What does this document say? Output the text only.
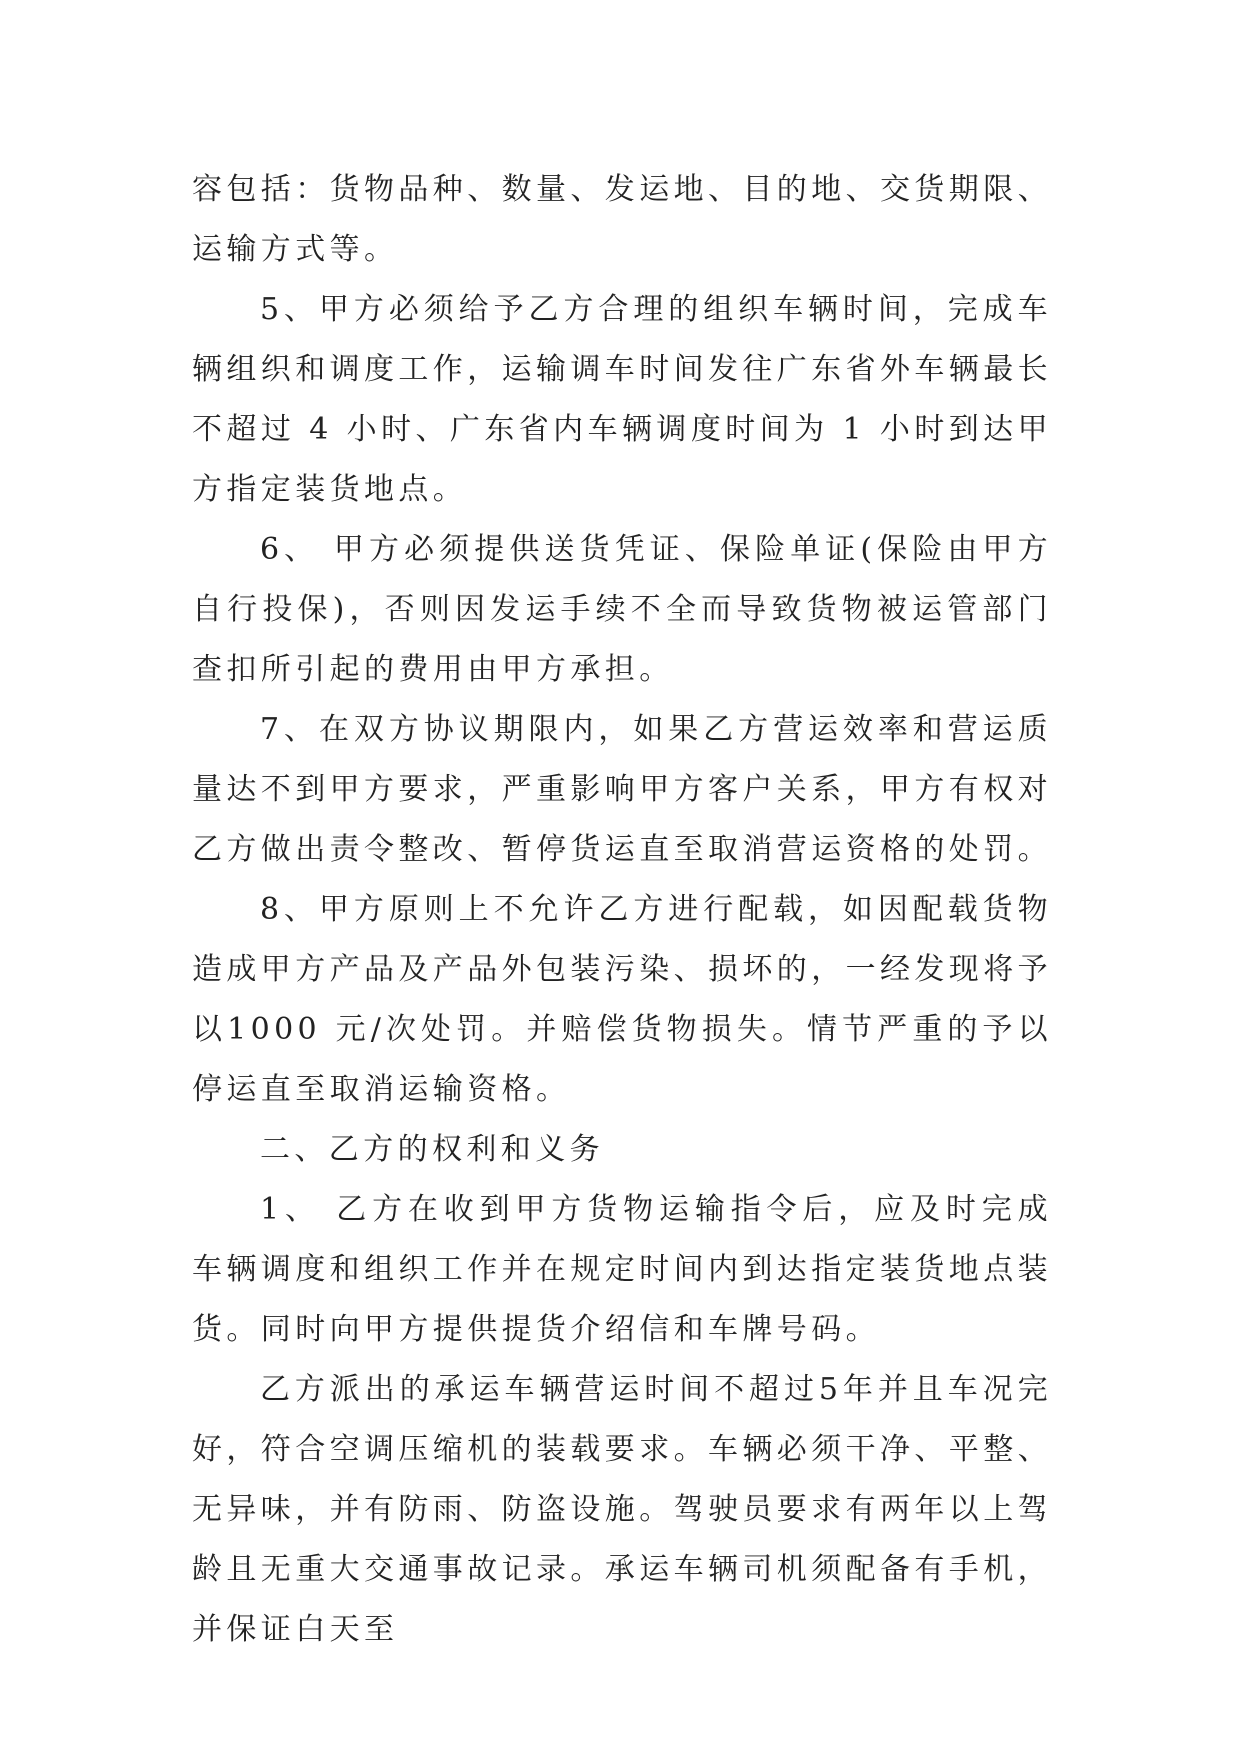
容包括：货物品种、数量、发运地、目的地、交货期限、运输方式等。

5、甲方必须给予乙方合理的组织车辆时间，完成车辆组织和调度工作，运输调车时间发往广东省外车辆最长不超过 4 小时、广东省内车辆调度时间为 1 小时到达甲方指定装货地点。

6、 甲方必须提供送货凭证、保险单证(保险由甲方自行投保)，否则因发运手续不全而导致货物被运管部门查扣所引起的费用由甲方承担。

7、在双方协议期限内，如果乙方营运效率和营运质量达不到甲方要求，严重影响甲方客户关系，甲方有权对乙方做出责令整改、暂停货运直至取消营运资格的处罚。

8、甲方原则上不允许乙方进行配载，如因配载货物造成甲方产品及产品外包装污染、损坏的，一经发现将予以1000 元/次处罚。并赔偿货物损失。情节严重的予以停运直至取消运输资格。

二、乙方的权利和义务

1、 乙方在收到甲方货物运输指令后，应及时完成车辆调度和组织工作并在规定时间内到达指定装货地点装货。同时向甲方提供提货介绍信和车牌号码。

乙方派出的承运车辆营运时间不超过5年并且车况完好，符合空调压缩机的装载要求。车辆必须干净、平整、无异味，并有防雨、防盗设施。驾驶员要求有两年以上驾龄且无重大交通事故记录。承运车辆司机须配备有手机，并保证白天至
